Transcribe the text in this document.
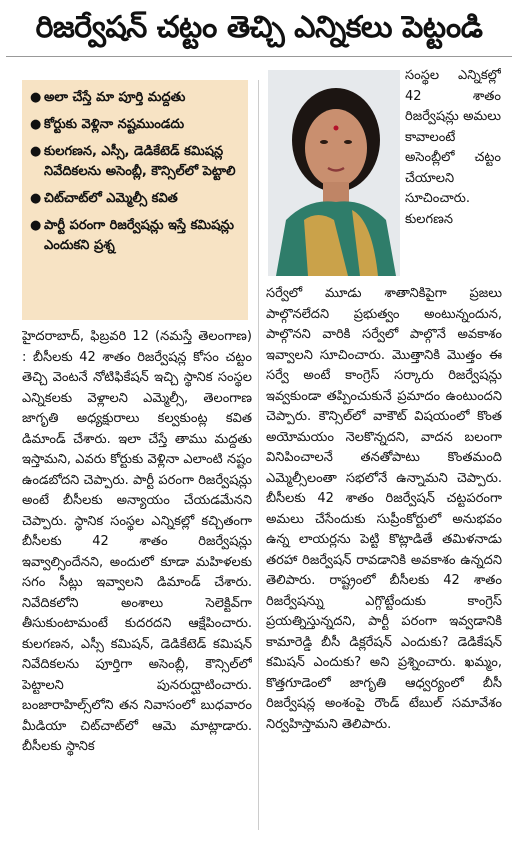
రిజర్వేషన్ చట్టం తెచ్చి ఎన్నికలు పెట్టండి
● అలా చేస్తే మా పూర్తి మద్దతు
● కోర్టుకు వెళ్లినా నష్టముండదు
● కులగణన, ఎస్సీ, డెడికేటెడ్ కమిషన్ల నివేదికలను అసెంబ్లీ, కౌన్సిల్‌లో పెట్టాలి
● చిట్‌చాట్‌లో ఎమ్మెల్సీ కవిత
● పార్టీ పరంగా రిజర్వేషన్లు ఇస్తే కమిషన్లు ఎందుకని ప్రశ్న

హైదరాబాద్, ఫిబ్రవరి 12 (నమస్తే తెలంగాణ) : బీసీలకు 42 శాతం రిజర్వేషన్ల కోసం చట్టం తెచ్చి వెంటనే నోటిఫికేషన్ ఇచ్చి స్థానిక సంస్థల ఎన్నికలకు వెళ్లాలని ఎమ్మెల్సీ, తెలంగాణ జాగృతి అధ్యక్షురాలు కల్వకుంట్ల కవిత డిమాండ్ చేశారు. ఇలా చేస్తే తాము మద్దతు ఇస్తామని, ఎవరు కోర్టుకు వెళ్లినా ఎలాంటి నష్టం ఉండబోదని చెప్పారు. పార్టీ పరంగా రిజర్వేషన్లు అంటే బీసీలకు అన్యాయం చేయడమేనని చెప్పారు. స్థానిక సంస్థల ఎన్నికల్లో కచ్చితంగా బీసీలకు 42 శాతం రిజర్వేషన్లు ఇవ్వాల్సిందేనని, అందులో కూడా మహిళలకు సగం సీట్లు ఇవ్వాలని డిమాండ్ చేశారు. నివేదికలోని అంశాలు సెలెక్టివ్‌గా తీసుకుంటామంటే కుదరదని ఆక్షేపించారు. కులగణన, ఎస్సీ కమిషన్, డెడికేటెడ్ కమిషన్ నివేదికలను పూర్తిగా అసెంబ్లీ, కౌన్సిల్‌లో పెట్టాలని పునరుద్ఘాటించారు. బంజారాహిల్స్‌లోని తన నివాసంలో బుధవారం మీడియా చిట్‌చాట్‌లో ఆమె మాట్లాడారు. బీసీలకు స్థానిక

సంస్థల ఎన్నికల్లో 42 శాతం రిజర్వేషన్లు అమలు కావాలంటే అసెంబ్లీలో చట్టం చేయాలని సూచించారు. కులగణన

సర్వేలో మూడు శాతానికిపైగా ప్రజలు పాల్గొనలేదని ప్రభుత్వం అంటున్నందున, పాల్గొనని వారికి సర్వేలో పాల్గొనే అవకాశం ఇవ్వాలని సూచించారు. మొత్తానికి మొత్తం ఈ సర్వే అంటే కాంగ్రెస్ సర్కారు రిజర్వేషన్లు ఇవ్వకుండా తప్పించుకునే ప్రమాదం ఉంటుందని చెప్పారు. కౌన్సిల్‌లో వాకౌట్ విషయంలో కొంత అయోమయం నెలకొన్నదని, వాదన బలంగా వినిపించాలనే తనతోపాటు కొంతమంది ఎమ్మెల్సీలంతా సభలోనే ఉన్నామని చెప్పారు. బీసీలకు 42 శాతం రిజర్వేషన్ చట్టపరంగా అమలు చేసేందుకు సుప్రీంకోర్టులో అనుభవం ఉన్న లాయర్లను పెట్టి కొట్లాడితే తమిళనాడు తరహా రిజర్వేషన్ రావడానికి అవకాశం ఉన్నదని తెలిపారు. రాష్ట్రంలో బీసీలకు 42 శాతం రిజర్వేషన్ను ఎగ్గొట్టేందుకు కాంగ్రెస్ ప్రయత్నిస్తున్నదని, పార్టీ పరంగా ఇవ్వడానికి కామారెడ్డి బీసీ డిక్లరేషన్ ఎందుకు? డెడికేషన్ కమిషన్ ఎందుకు? అని ప్రశ్నించారు. ఖమ్మం, కొత్తగూడెంలో జాగృతి ఆధ్వర్యంలో బీసీ రిజర్వేషన్ల అంశంపై రౌండ్ టేబుల్ సమావేశం నిర్వహిస్తామని తెలిపారు.
